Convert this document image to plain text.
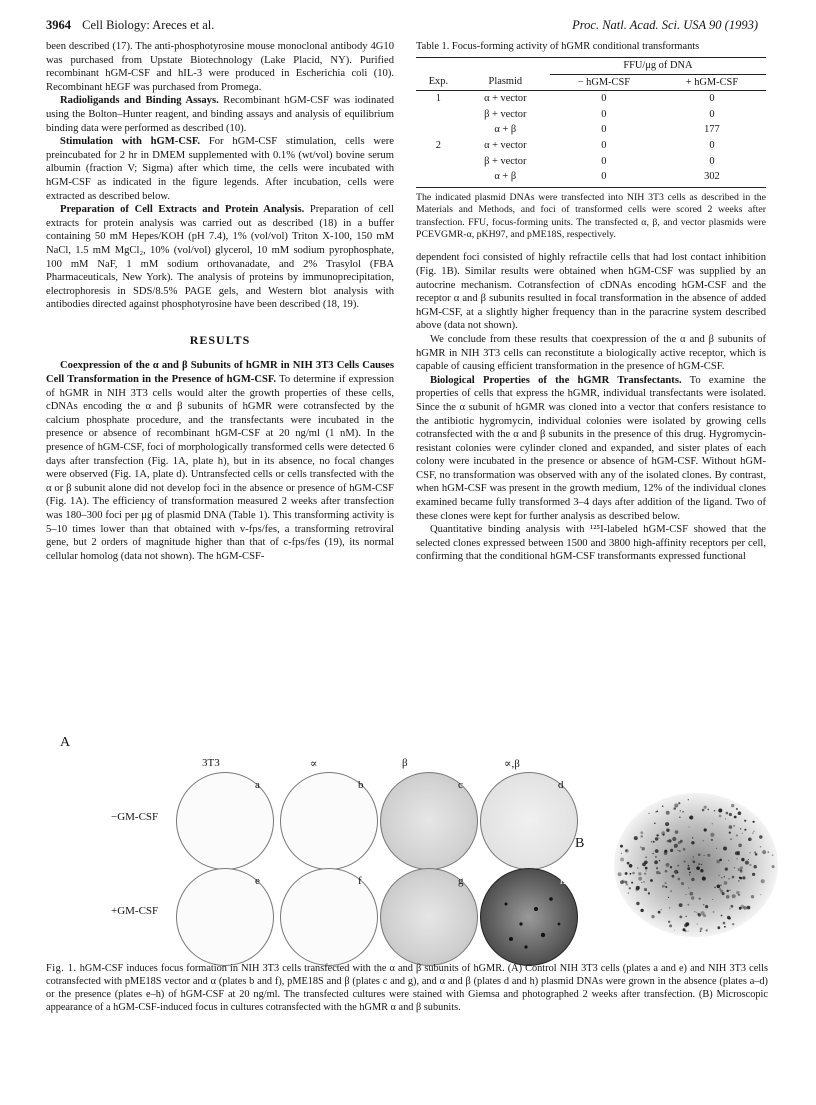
3964 Cell Biology: Areces et al.	Proc. Natl. Acad. Sci. USA 90 (1993)

been described (17). The anti-phosphotyrosine mouse monoclonal antibody 4G10 was purchased from Upstate Biotechnology (Lake Placid, NY). Purified recombinant hGM-CSF and hIL-3 were produced in Escherichia coli (10). Recombinant hEGF was purchased from Promega.

Radioligands and Binding Assays. Recombinant hGM-CSF was iodinated using the Bolton–Hunter reagent, and binding assays and analysis of equilibrium binding data were performed as described (10).

Stimulation with hGM-CSF. For hGM-CSF stimulation, cells were preincubated for 2 hr in DMEM supplemented with 0.1% (wt/vol) bovine serum albumin (fraction V; Sigma) after which time, the cells were incubated with hGM-CSF as indicated in the figure legends. After incubation, cells were extracted as described below.

Preparation of Cell Extracts and Protein Analysis. Preparation of cell extracts for protein analysis was carried out as described (18) in a buffer containing 50 mM Hepes/KOH (pH 7.4), 1% (vol/vol) Triton X-100, 150 mM NaCl, 1.5 mM MgCl₂, 10% (vol/vol) glycerol, 10 mM sodium pyrophosphate, 100 mM NaF, 1 mM sodium orthovanadate, and 2% Trasylol (FBA Pharmaceuticals, New York). The analysis of proteins by immunoprecipitation, electrophoresis in SDS/8.5% PAGE gels, and Western blot analysis with antibodies directed against phosphotyrosine have been described (18, 19).

RESULTS

Coexpression of the α and β Subunits of hGMR in NIH 3T3 Cells Causes Cell Transformation in the Presence of hGM-CSF. To determine if expression of hGMR in NIH 3T3 cells would alter the growth properties of these cells, cDNAs encoding the α and β subunits of hGMR were cotransfected by the calcium phosphate procedure, and the transfectants were incubated in the presence or absence of recombinant hGM-CSF at 20 ng/ml (1 nM). In the presence of hGM-CSF, foci of morphologically transformed cells were detected 6 days after transfection (Fig. 1A, plate h), but in its absence, no focal changes were observed (Fig. 1A, plate d). Untransfected cells or cells transfected with the α or β subunit alone did not develop foci in the absence or presence of hGM-CSF (Fig. 1A). The efficiency of transformation measured 2 weeks after transfection was 180–300 foci per μg of plasmid DNA (Table 1). This transforming activity is 5–10 times lower than that obtained with v-fps/fes, a transforming retroviral gene, but 2 orders of magnitude higher than that of c-fps/fes (19), its normal cellular homolog (data not shown). The hGM-CSF-

Table 1. Focus-forming activity of hGMR conditional transformants
		FFU/μg of DNA	
Exp.	Plasmid	− hGM-CSF	+ hGM-CSF
1	α + vector	0	0
	β + vector	0	0
	α + β	0	177
2	α + vector	0	0
	β + vector	0	0
	α + β	0	302
The indicated plasmid DNAs were transfected into NIH 3T3 cells as described in the Materials and Methods, and foci of transformed cells were scored 2 weeks after transfection. FFU, focus-forming units. The transfected α, β, and vector plasmids were PCEVGMR-α, pKH97, and pME18S, respectively.

dependent foci consisted of highly refractile cells that had lost contact inhibition (Fig. 1B). Similar results were obtained when hGM-CSF was supplied by an autocrine mechanism. Cotransfection of cDNAs encoding hGM-CSF and the receptor α and β subunits resulted in focal transformation in the absence of added hGM-CSF, at a slightly higher frequency than in the paracrine system described above (data not shown).

We conclude from these results that coexpression of the α and β subunits of hGMR in NIH 3T3 cells can reconstitute a biologically active receptor, which is capable of causing efficient transformation in the presence of hGM-CSF.

Biological Properties of the hGMR Transfectants. To examine the properties of cells that express the hGMR, individual transfectants were isolated. Since the α subunit of hGMR was cloned into a vector that confers resistance to the antibiotic hygromycin, individual colonies were isolated by growing cells cotransfected with the α and β subunits in the presence of this drug. Hygromycin-resistant colonies were cylinder cloned and expanded, and sister plates of each colony were incubated in the presence or absence of hGM-CSF. Without hGM-CSF, no transformation was observed with any of the isolated clones. By contrast, when hGM-CSF was present in the growth medium, 12% of the individual clones examined became fully transformed 3–4 days after addition of the ligand. Two of these clones were kept for further analysis as described below.

Quantitative binding analysis with ¹²⁵I-labeled hGM-CSF showed that the selected clones expressed between 1500 and 3800 high-affinity receptors per cell, confirming that the conditional hGM-CSF transformants expressed functional

A
3T3	∝	β	∝,β
−GM-CSF
+GM-CSF
a	b	c	d
e	f	g	h
B
Fig. 1. hGM-CSF induces focus formation in NIH 3T3 cells transfected with the α and β subunits of hGMR. (A) Control NIH 3T3 cells (plates a and e) and NIH 3T3 cells cotransfected with pME18S vector and α (plates b and f), pME18S and β (plates c and g), and α and β (plates d and h) plasmid DNAs were grown in the absence (plates a–d) or the presence (plates e–h) of hGM-CSF at 20 ng/ml. The transfected cultures were stained with Giemsa and photographed 2 weeks after transfection. (B) Microscopic appearance of a hGM-CSF-induced focus in cultures cotransfected with the hGMR α and β subunits.
